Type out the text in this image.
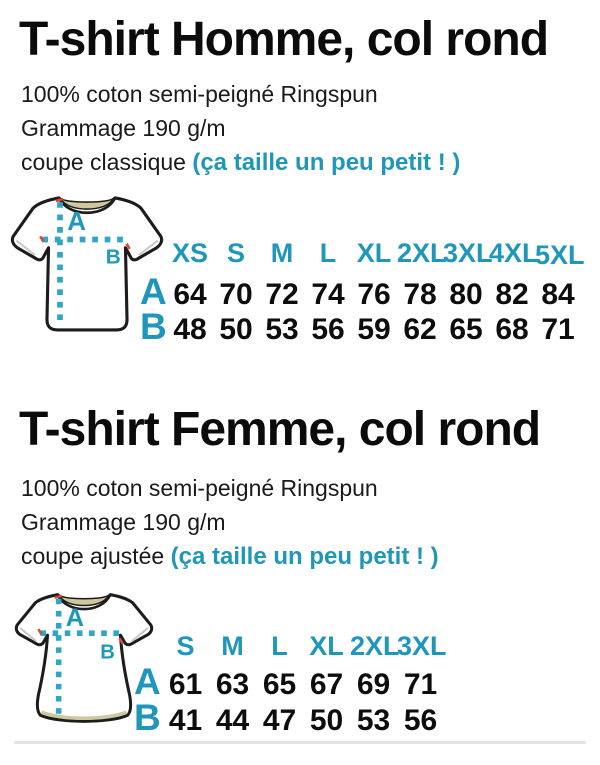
T-shirt Homme, col rond
100% coton semi-peigné Ringspun
Grammage 190 g/m
coupe classique (ça taille un peu petit ! )
A
B XS S M L XL 2XL
3XL
4XL
5XL
A 64 70 72 74 76 78 80 82 84
B 48 50 53 56 59 62 65 68 71
T-shirt Femme, col rond
100% coton semi-peigné Ringspun
Grammage 190 g/m
coupe ajustée (ça taille un peu petit ! )
A
B	S M	L XL 2XL
3XL
A 61 63 65 67 69 71
B 41 44 47 50 53 56
